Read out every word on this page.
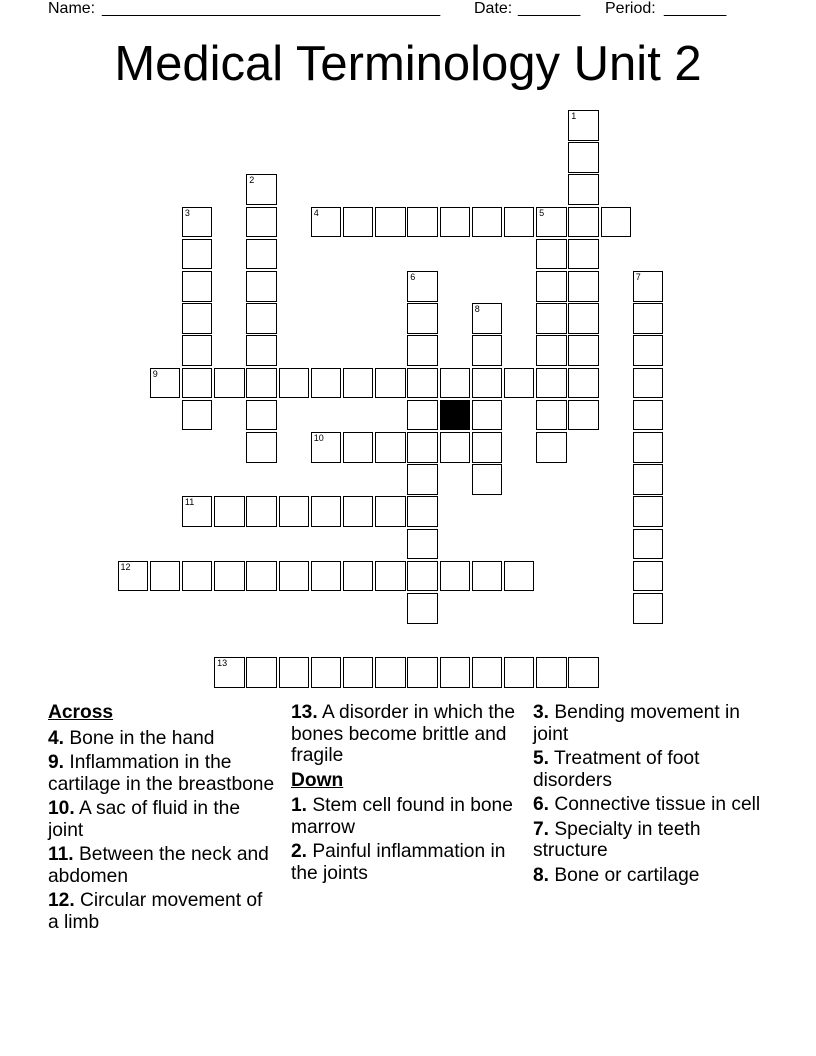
Name: ______________________________________ Date: _______ Period: _______
Medical Terminology Unit 2
1
2
3	4	5
6	7
8
9
10
11
12
13
Across
4. Bone in the hand
9. Inflammation in the cartilage in the breastbone
10. A sac of fluid in the joint
11. Between the neck and abdomen
12. Circular movement of a limb
13. A disorder in which the bones become brittle and fragile
Down
1. Stem cell found in bone marrow
2. Painful inflammation in the joints
3. Bending movement in joint
5. Treatment of foot disorders
6. Connective tissue in cell
7. Specialty in teeth structure
8. Bone or cartilage
